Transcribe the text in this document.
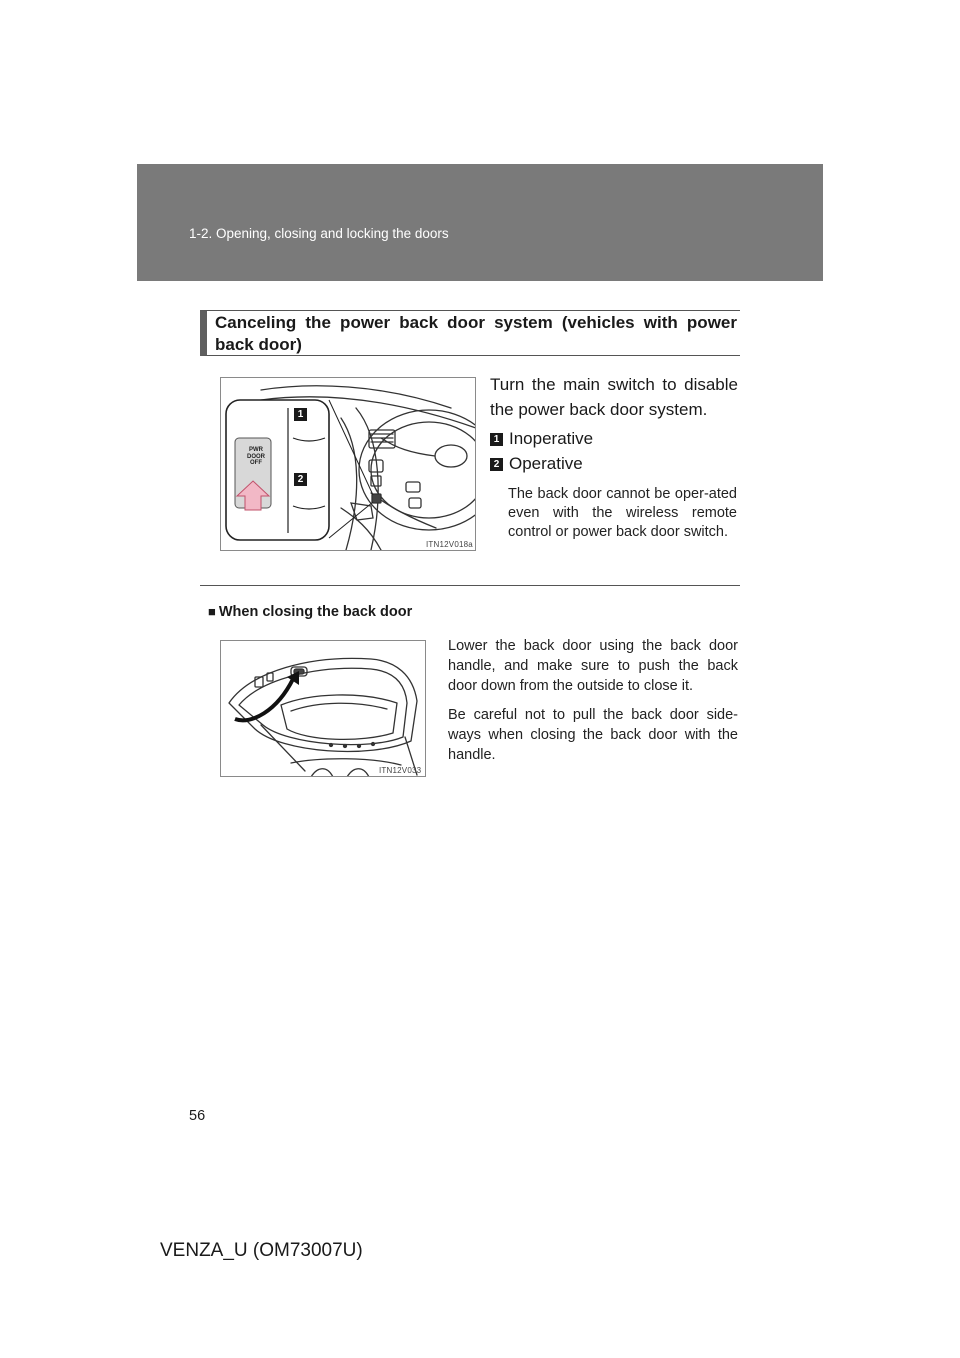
1-2. Opening, closing and locking the doors
Canceling the power back door system (vehicles with power back door)
PWR
DOOR
OFF
1
2
ITN12V018a
Turn the main switch to disable the power back door system.
1 Inoperative
2 Operative
The back door cannot be oper-ated even with the wireless remote control or power back door switch.
■ When closing the back door
ITN12V033

Lower the back door using the back door handle, and make sure to push the back door down from the outside to close it.

Be careful not to pull the back door side-ways when closing the back door with the handle.

56
VENZA_U (OM73007U)
